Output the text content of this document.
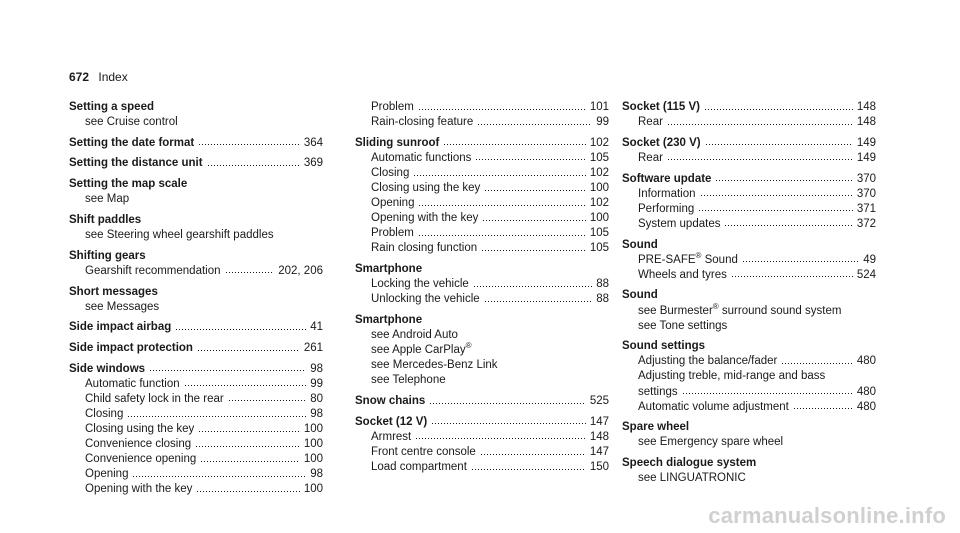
672 Index
Setting a speed
see Cruise control
Setting the date format	364
Setting the distance unit	369
Setting the map scale
see Map
Shift paddles
see Steering wheel gearshift paddles
Shifting gears
Gearshift recommendation	202, 206
Short messages
see Messages
Side impact airbag	41
Side impact protection	261
Side windows	98
Automatic function	99
Child safety lock in the rear	80
Closing	98
Closing using the key	100
Convenience closing	100
Convenience opening	100
Opening	98
Opening with the key	100
Problem	101
Rain-closing feature	99
Sliding sunroof	102
Automatic functions	105
Closing	102
Closing using the key	100
Opening	102
Opening with the key	100
Problem	105
Rain closing function	105
Smartphone
Locking the vehicle	88
Unlocking the vehicle	88
Smartphone
see Android Auto
see Apple CarPlay®
see Mercedes-Benz Link
see Telephone
Snow chains	525
Socket (12 V)	147
Armrest	148
Front centre console	147
Load compartment	150
Socket (115 V)	148
Rear	148
Socket (230 V)	149
Rear	149
Software update	370
Information	370
Performing	371
System updates	372
Sound
PRE-SAFE® Sound	49
Wheels and tyres	524
Sound
see Burmester® surround sound system
see Tone settings
Sound settings
Adjusting the balance/fader	480
Adjusting treble, mid-range and bass
settings	480
Automatic volume adjustment	480
Spare wheel
see Emergency spare wheel
Speech dialogue system
see LINGUATRONIC
carmanualsonline.info
